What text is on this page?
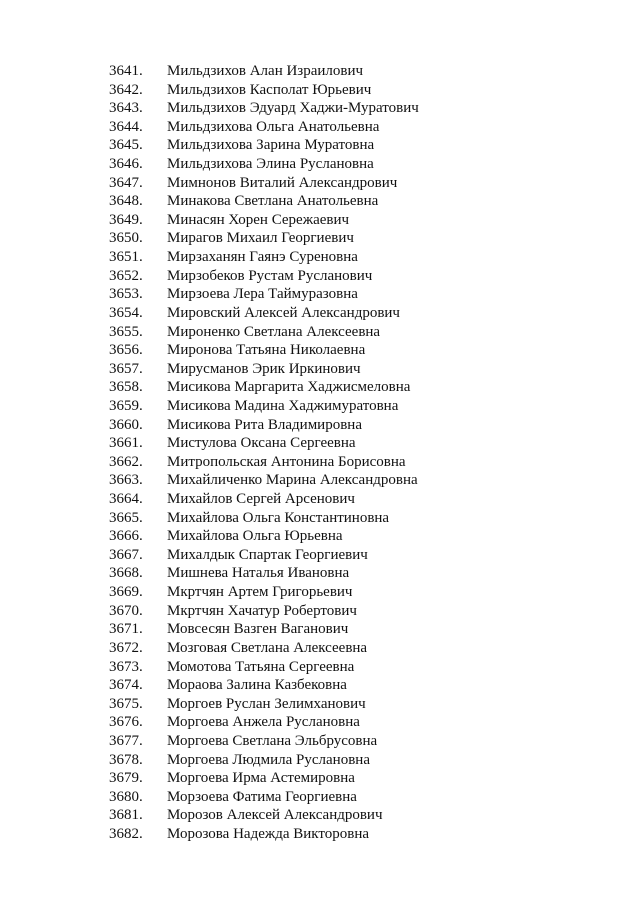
3641.	Мильдзихов Алан Израилович
3642.	Мильдзихов Касполат Юрьевич
3643.	Мильдзихов Эдуард Хаджи-Муратович
3644.	Мильдзихова Ольга Анатольевна
3645.	Мильдзихова Зарина Муратовна
3646.	Мильдзихова Элина Руслановна
3647.	Мимнонов Виталий Александрович
3648.	Минакова Светлана Анатольевна
3649.	Минасян Хорен Сережаевич
3650.	Мирагов Михаил Георгиевич
3651.	Мирзаханян Гаянэ Суреновна
3652.	Мирзобеков Рустам Русланович
3653.	Мирзоева Лера Таймуразовна
3654.	Мировский Алексей Александрович
3655.	Мироненко Светлана Алексеевна
3656.	Миронова Татьяна Николаевна
3657.	Мирусманов Эрик Иркинович
3658.	Мисикова Маргарита Хаджисмеловна
3659.	Мисикова Мадина Хаджимуратовна
3660.	Мисикова Рита Владимировна
3661.	Мистулова Оксана Сергеевна
3662.	Митропольская Антонина Борисовна
3663.	Михайличенко Марина Александровна
3664.	Михайлов Сергей Арсенович
3665.	Михайлова Ольга Константиновна
3666.	Михайлова Ольга Юрьевна
3667.	Михалдык Спартак Георгиевич
3668.	Мишнева Наталья Ивановна
3669.	Мкртчян Артем Григорьевич
3670.	Мкртчян Хачатур Робертович
3671.	Мовсесян Вазген Ваганович
3672.	Мозговая Светлана Алексеевна
3673.	Момотова Татьяна Сергеевна
3674.	Мораова Залина Казбековна
3675.	Моргоев Руслан Зелимханович
3676.	Моргоева Анжела Руслановна
3677.	Моргоева Светлана Эльбрусовна
3678.	Моргоева Людмила Руслановна
3679.	Моргоева Ирма Астемировна
3680.	Морзоева Фатима Георгиевна
3681.	Морозов Алексей Александрович
3682.	Морозова Надежда Викторовна
